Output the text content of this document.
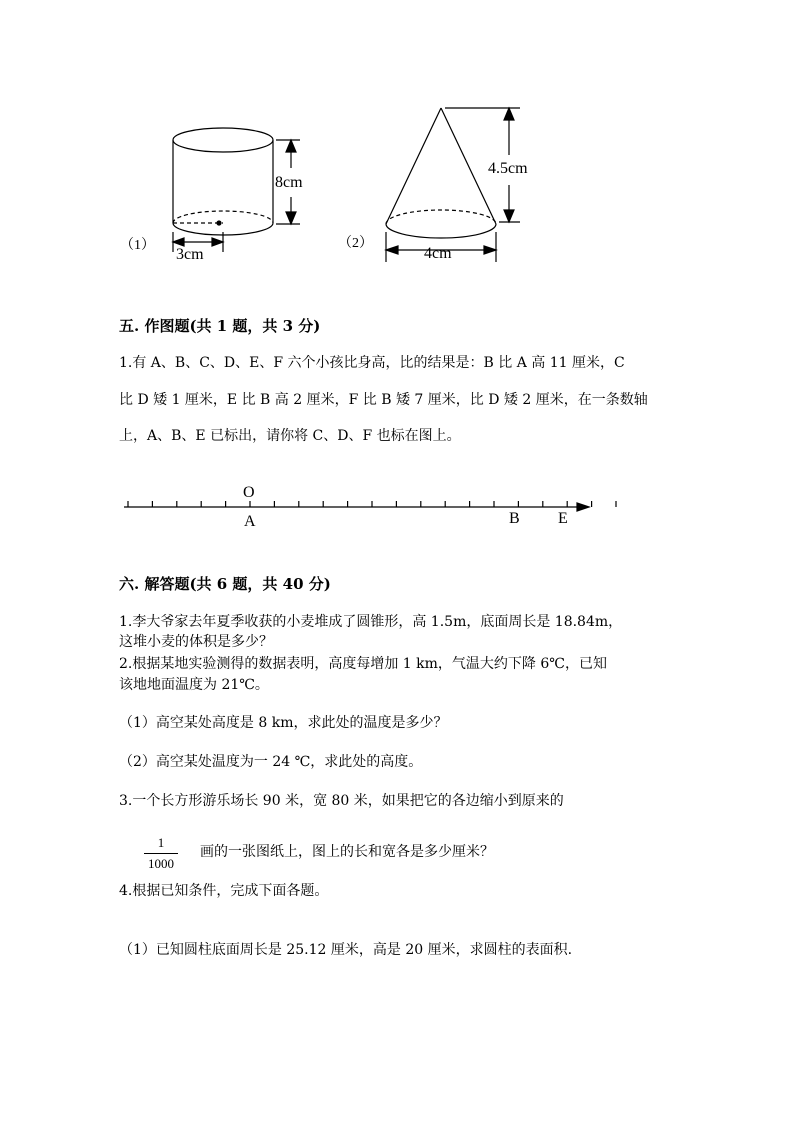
（1）
8cm
3cm
（2）
4.5cm
4cm
五. 作图题(共 1 题，共 3 分)
1.有 A、B、C、D、E、F 六个小孩比身高，比的结果是：B 比 A 高 11 厘米，C
比 D 矮 1 厘米，E 比 B 高 2 厘米，F 比 B 矮 7 厘米，比 D 矮 2 厘米，在一条数轴
上，A、B、E 已标出，请你将 C、D、F 也标在图上。
O
A	B E
六. 解答题(共 6 题，共 40 分)
1.李大爷家去年夏季收获的小麦堆成了圆锥形，高 1.5m，底面周长是 18.84m，
这堆小麦的体积是多少？
2.根据某地实验测得的数据表明，高度每增加 1 km，气温大约下降 6℃，已知
该地地面温度为 21℃。
（1）高空某处高度是 8 km，求此处的温度是多少？
（2）高空某处温度为一 24 ℃，求此处的高度。
3.一个长方形游乐场长 90 米，宽 80 米，如果把它的各边缩小到原来的
1
1000
画的一张图纸上，图上的长和宽各是多少厘米？
4.根据已知条件，完成下面各题。
（1）已知圆柱底面周长是 25.12 厘米，高是 20 厘米，求圆柱的表面积.
